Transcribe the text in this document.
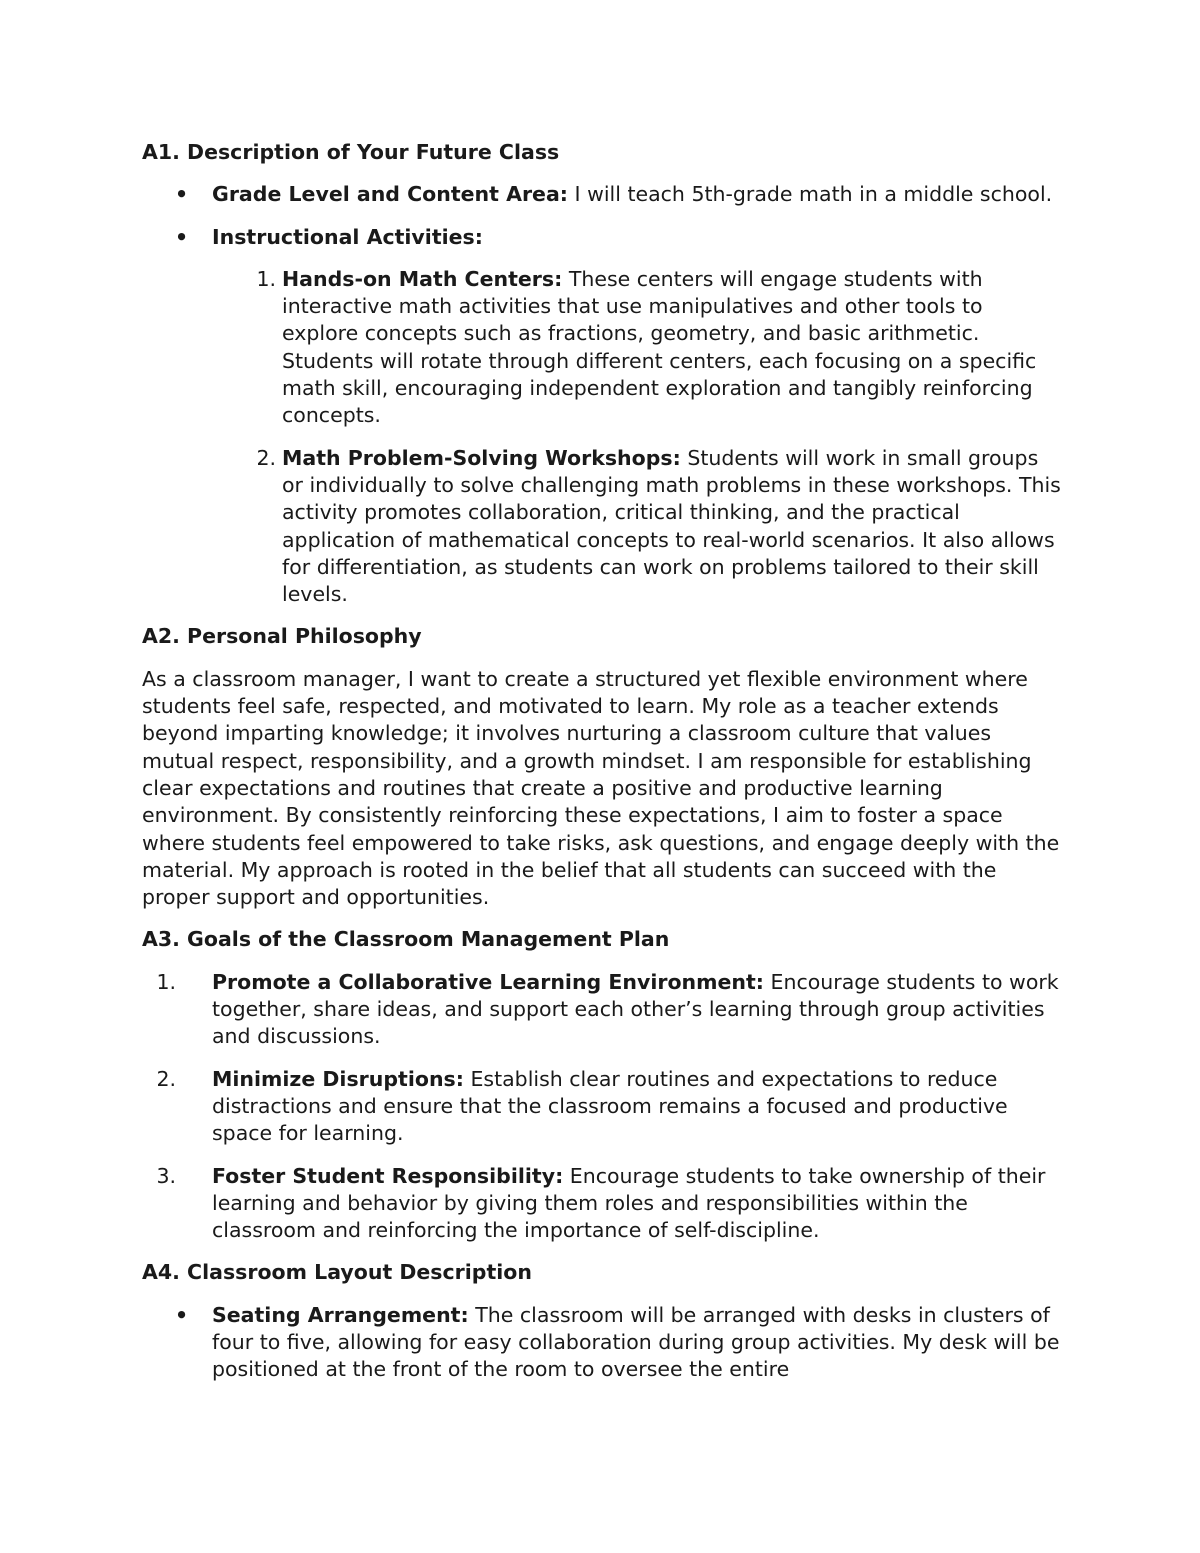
A1. Description of Your Future Class
• Grade Level and Content Area: I will teach 5th-grade math in a middle school.
• Instructional Activities:
1. Hands-on Math Centers: These centers will engage students with interactive math activities that use manipulatives and other tools to explore concepts such as fractions, geometry, and basic arithmetic. Students will rotate through different centers, each focusing on a specific math skill, encouraging independent exploration and tangibly reinforcing concepts.
2. Math Problem-Solving Workshops: Students will work in small groups or individually to solve challenging math problems in these workshops. This activity promotes collaboration, critical thinking, and the practical application of mathematical concepts to real-world scenarios. It also allows for differentiation, as students can work on problems tailored to their skill levels.
A2. Personal Philosophy

As a classroom manager, I want to create a structured yet flexible environment where students feel safe, respected, and motivated to learn. My role as a teacher extends beyond imparting knowledge; it involves nurturing a classroom culture that values mutual respect, responsibility, and a growth mindset. I am responsible for establishing clear expectations and routines that create a positive and productive learning environment. By consistently reinforcing these expectations, I aim to foster a space where students feel empowered to take risks, ask questions, and engage deeply with the material. My approach is rooted in the belief that all students can succeed with the proper support and opportunities.

A3. Goals of the Classroom Management Plan
1. Promote a Collaborative Learning Environment: Encourage students to work together, share ideas, and support each other’s learning through group activities and discussions.
2. Minimize Disruptions: Establish clear routines and expectations to reduce distractions and ensure that the classroom remains a focused and productive space for learning.
3. Foster Student Responsibility: Encourage students to take ownership of their learning and behavior by giving them roles and responsibilities within the classroom and reinforcing the importance of self-discipline.
A4. Classroom Layout Description
• Seating Arrangement: The classroom will be arranged with desks in clusters of four to five, allowing for easy collaboration during group activities. My desk will be positioned at the front of the room to oversee the entire
